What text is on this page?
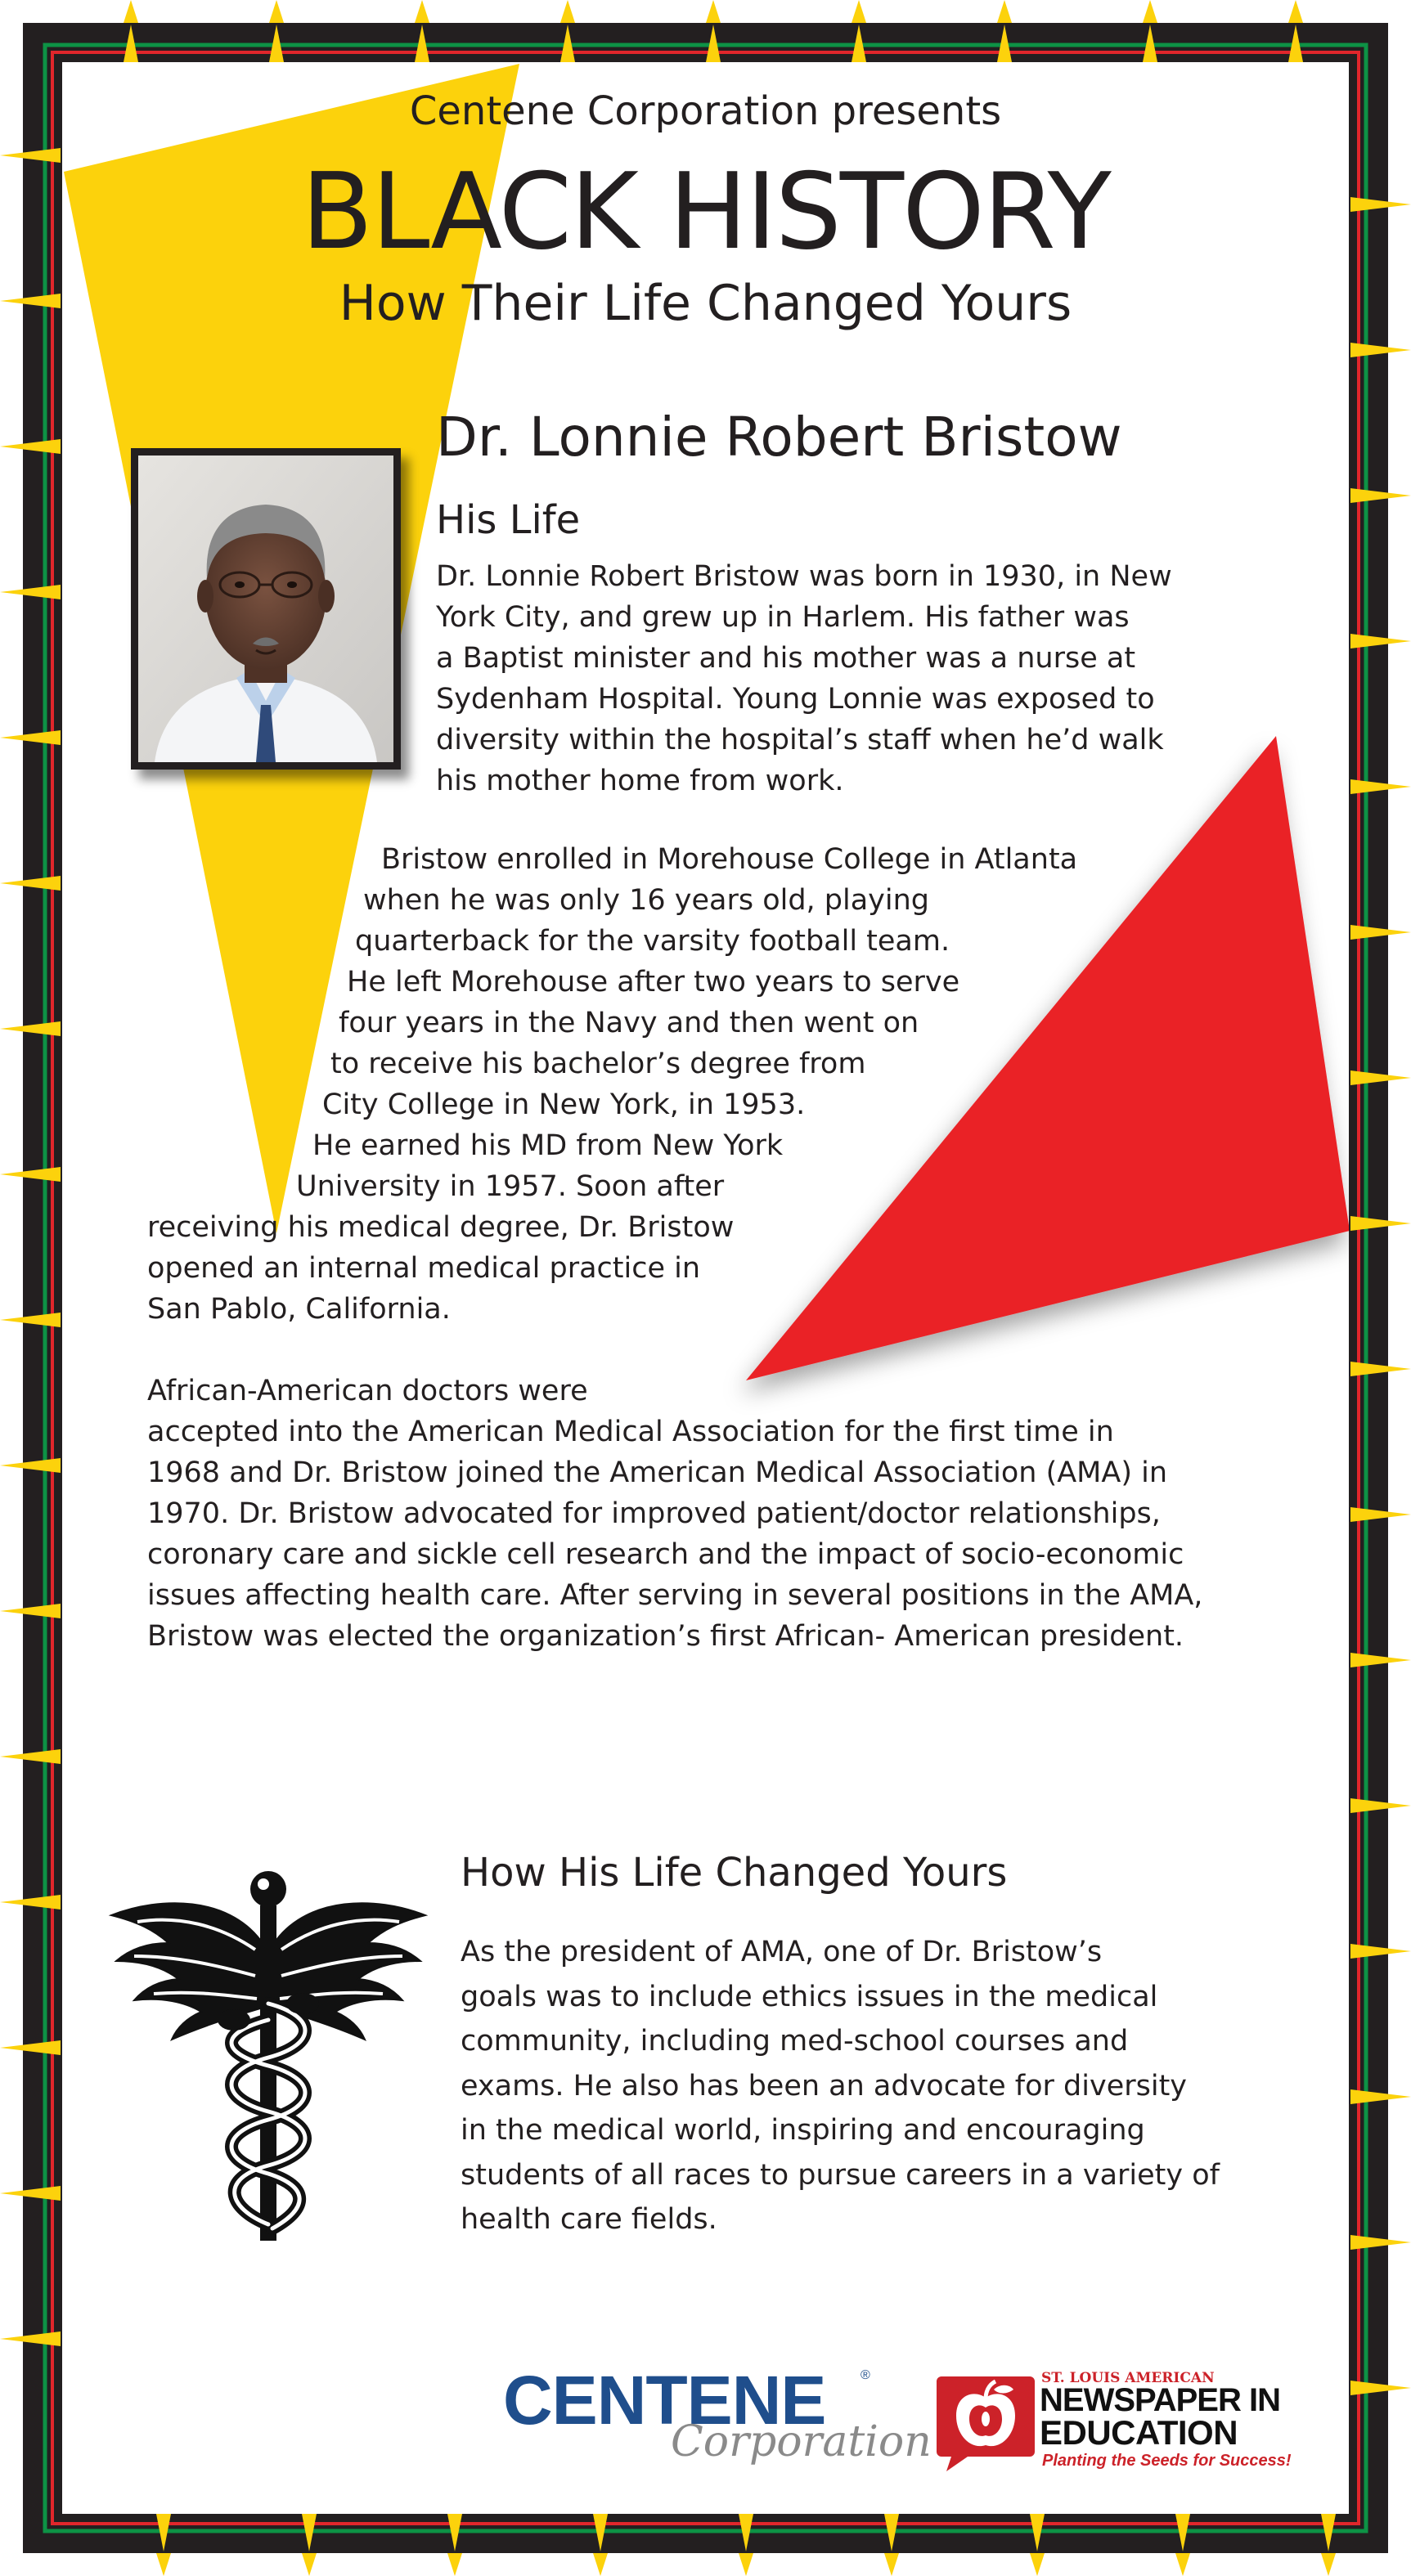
Centene Corporation presents
BLACK HISTORY
How Their Life Changed Yours
Dr. Lonnie Robert Bristow
His Life
Dr. Lonnie Robert Bristow was born in 1930, in New
York City, and grew up in Harlem. His father was
a Baptist minister and his mother was a nurse at
Sydenham Hospital. Young Lonnie was exposed to
diversity within the hospital’s staff when he’d walk
his mother home from work.
Bristow enrolled in Morehouse College in Atlanta
when he was only 16 years old, playing
quarterback for the varsity football team.
He left Morehouse after two years to serve
four years in the Navy and then went on
to receive his bachelor’s degree from
City College in New York, in 1953.
He earned his MD from New York
University in 1957. Soon after
receiving his medical degree, Dr. Bristow
opened an internal medical practice in
San Pablo, California.
African-American doctors were
accepted into the American Medical Association for the first time in
1968 and Dr. Bristow joined the American Medical Association (AMA) in
1970. Dr. Bristow advocated for improved patient/doctor relationships,
coronary care and sickle cell research and the impact of socio-economic
issues affecting health care. After serving in several positions in the AMA,
Bristow was elected the organization’s first African- American president.
How His Life Changed Yours
As the president of AMA, one of Dr. Bristow’s
goals was to include ethics issues in the medical
community, including med-school courses and
exams. He also has been an advocate for diversity
in the medical world, inspiring and encouraging
students of all races to pursue careers in a variety of
health care fields.
CENTENE	®
Corporation
ST. LOUIS AMERICAN
NEWSPAPER IN
EDUCATION
Planting the Seeds for Success!
